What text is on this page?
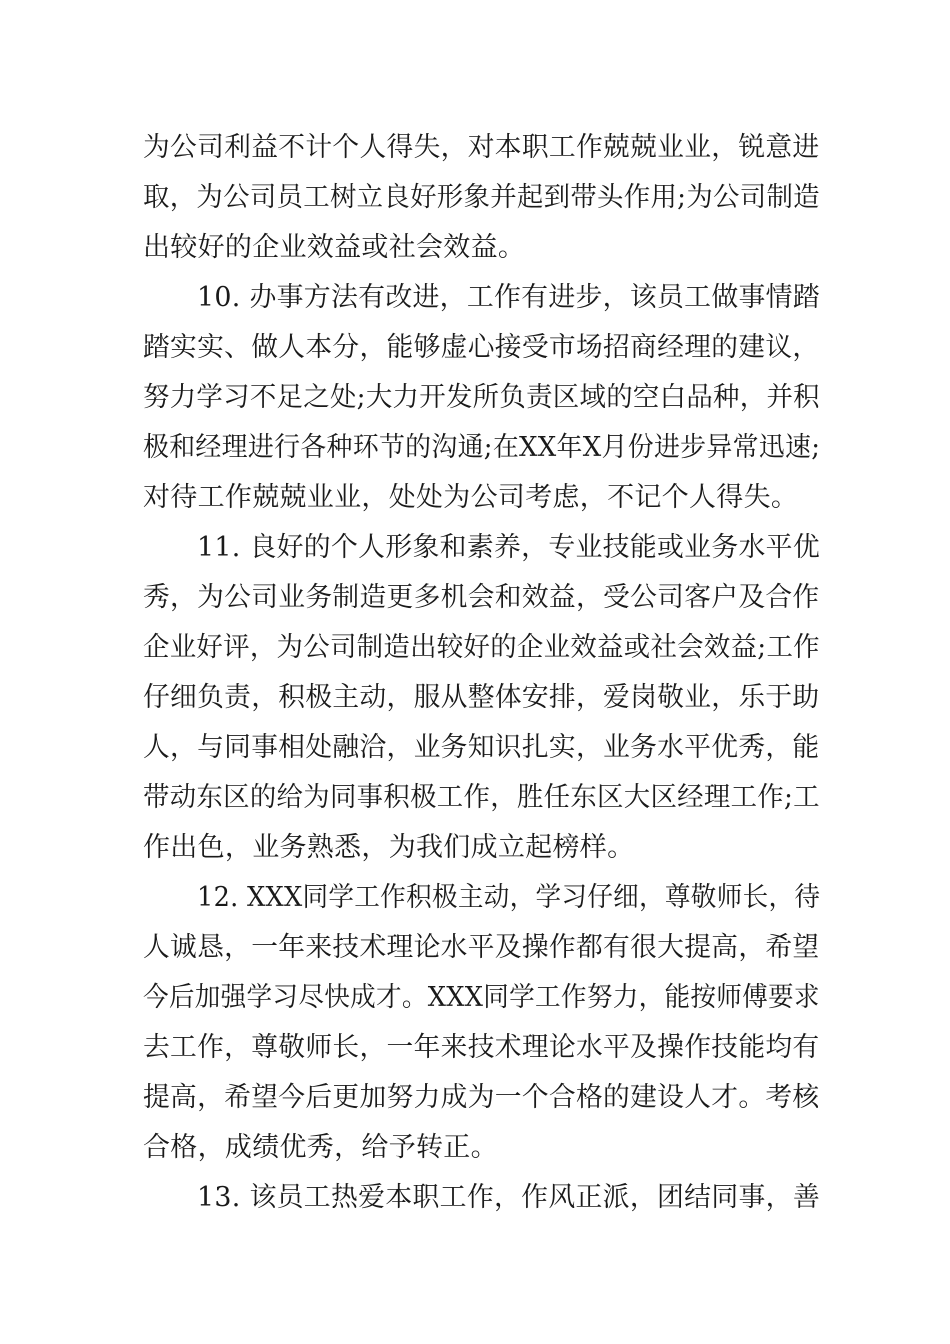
为公司利益不计个人得失，对本职工作兢兢业业，锐意进

取，为公司员工树立良好形象并起到带头作用;为公司制造

出较好的企业效益或社会效益。

10. 办事方法有改进，工作有进步，该员工做事情踏

踏实实、做人本分，能够虚心接受市场招商经理的建议，

努力学习不足之处;大力开发所负责区域的空白品种，并积

极和经理进行各种环节的沟通;在XX年X月份进步异常迅速;

对待工作兢兢业业，处处为公司考虑，不记个人得失。

11. 良好的个人形象和素养，专业技能或业务水平优

秀，为公司业务制造更多机会和效益，受公司客户及合作

企业好评，为公司制造出较好的企业效益或社会效益;工作

仔细负责，积极主动，服从整体安排，爱岗敬业，乐于助

人，与同事相处融洽，业务知识扎实，业务水平优秀，能

带动东区的给为同事积极工作，胜任东区大区经理工作;工

作出色，业务熟悉，为我们成立起榜样。

12. XXX同学工作积极主动，学习仔细，尊敬师长，待

人诚恳，一年来技术理论水平及操作都有很大提高，希望

今后加强学习尽快成才。XXX同学工作努力，能按师傅要求

去工作，尊敬师长，一年来技术理论水平及操作技能均有

提高，希望今后更加努力成为一个合格的建设人才。考核

合格，成绩优秀，给予转正。

13. 该员工热爱本职工作，作风正派，团结同事，善
